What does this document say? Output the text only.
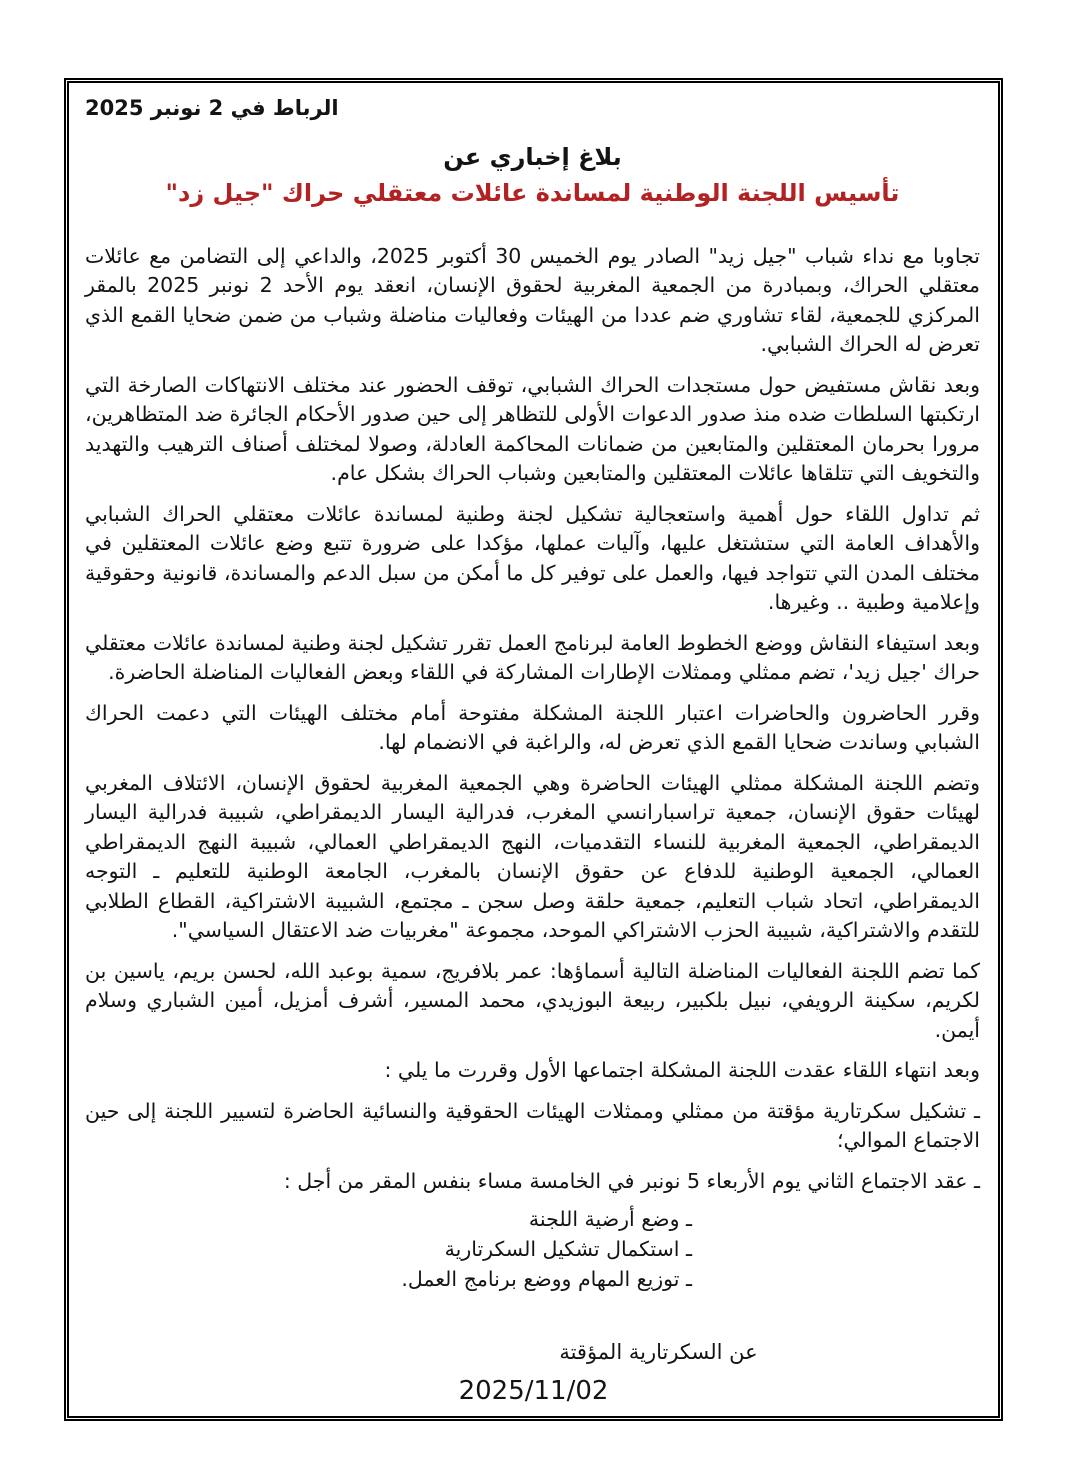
الرباط في 2 نونبر 2025
بلاغ إخباري عن
تأسيس اللجنة الوطنية لمساندة عائلات معتقلي حراك "جيل زد"

تجاوبا مع نداء شباب "جيل زيد" الصادر يوم الخميس 30 أكتوبر 2025، والداعي إلى التضامن مع عائلات معتقلي الحراك، وبمبادرة من الجمعية المغربية لحقوق الإنسان، انعقد يوم الأحد 2 نونبر 2025 بالمقر المركزي للجمعية، لقاء تشاوري ضم عددا من الهيئات وفعاليات مناضلة وشباب من ضمن ضحايا القمع الذي تعرض له الحراك الشبابي.

وبعد نقاش مستفيض حول مستجدات الحراك الشبابي، توقف الحضور عند مختلف الانتهاكات الصارخة التي ارتكبتها السلطات ضده منذ صدور الدعوات الأولى للتظاهر إلى حين صدور الأحكام الجائرة ضد المتظاهرين، مرورا بحرمان المعتقلين والمتابعين من ضمانات المحاكمة العادلة، وصولا لمختلف أصناف الترهيب والتهديد والتخويف التي تتلقاها عائلات المعتقلين والمتابعين وشباب الحراك بشكل عام.

ثم تداول اللقاء حول أهمية واستعجالية تشكيل لجنة وطنية لمساندة عائلات معتقلي الحراك الشبابي والأهداف العامة التي ستشتغل عليها، وآليات عملها، مؤكدا على ضرورة تتبع وضع عائلات المعتقلين في مختلف المدن التي تتواجد فيها، والعمل على توفير كل ما أمكن من سبل الدعم والمساندة، قانونية وحقوقية وإعلامية وطبية .. وغيرها.

وبعد استيفاء النقاش ووضع الخطوط العامة لبرنامج العمل تقرر تشكيل لجنة وطنية لمساندة عائلات معتقلي حراك 'جيل زيد'، تضم ممثلي وممثلات الإطارات المشاركة في اللقاء وبعض الفعاليات المناضلة الحاضرة.

وقرر الحاضرون والحاضرات اعتبار اللجنة المشكلة مفتوحة أمام مختلف الهيئات التي دعمت الحراك الشبابي وساندت ضحايا القمع الذي تعرض له، والراغبة في الانضمام لها.

وتضم اللجنة المشكلة ممثلي الهيئات الحاضرة وهي الجمعية المغربية لحقوق الإنسان، الائتلاف المغربي لهيئات حقوق الإنسان، جمعية تراسبارانسي المغرب، فدرالية اليسار الديمقراطي، شبيبة فدرالية اليسار الديمقراطي، الجمعية المغربية للنساء التقدميات، النهج الديمقراطي العمالي، شبيبة النهج الديمقراطي العمالي، الجمعية الوطنية للدفاع عن حقوق الإنسان بالمغرب، الجامعة الوطنية للتعليم ـ التوجه الديمقراطي، اتحاد شباب التعليم، جمعية حلقة وصل سجن ـ مجتمع، الشبيبة الاشتراكية، القطاع الطلابي للتقدم والاشتراكية، شبيبة الحزب الاشتراكي الموحد، مجموعة "مغربيات ضد الاعتقال السياسي".

كما تضم اللجنة الفعاليات المناضلة التالية أسماؤها: عمر بلافريج، سمية بوعبد الله، لحسن بريم، ياسين بن لكريم، سكينة الرويفي، نبيل بلكبير، ربيعة البوزيدي، محمد المسير، أشرف أمزيل، أمين الشباري وسلام أيمن.

وبعد انتهاء اللقاء عقدت اللجنة المشكلة اجتماعها الأول وقررت ما يلي :

ـ تشكيل سكرتارية مؤقتة من ممثلي وممثلات الهيئات الحقوقية والنسائية الحاضرة لتسيير اللجنة إلى حين الاجتماع الموالي؛

ـ عقد الاجتماع الثاني يوم الأربعاء 5 نونبر في الخامسة مساء بنفس المقر من أجل :

ـ وضع أرضية اللجنة
ـ استكمال تشكيل السكرتارية
ـ توزيع المهام ووضع برنامج العمل.
عن السكرتارية المؤقتة
2025/11/02
